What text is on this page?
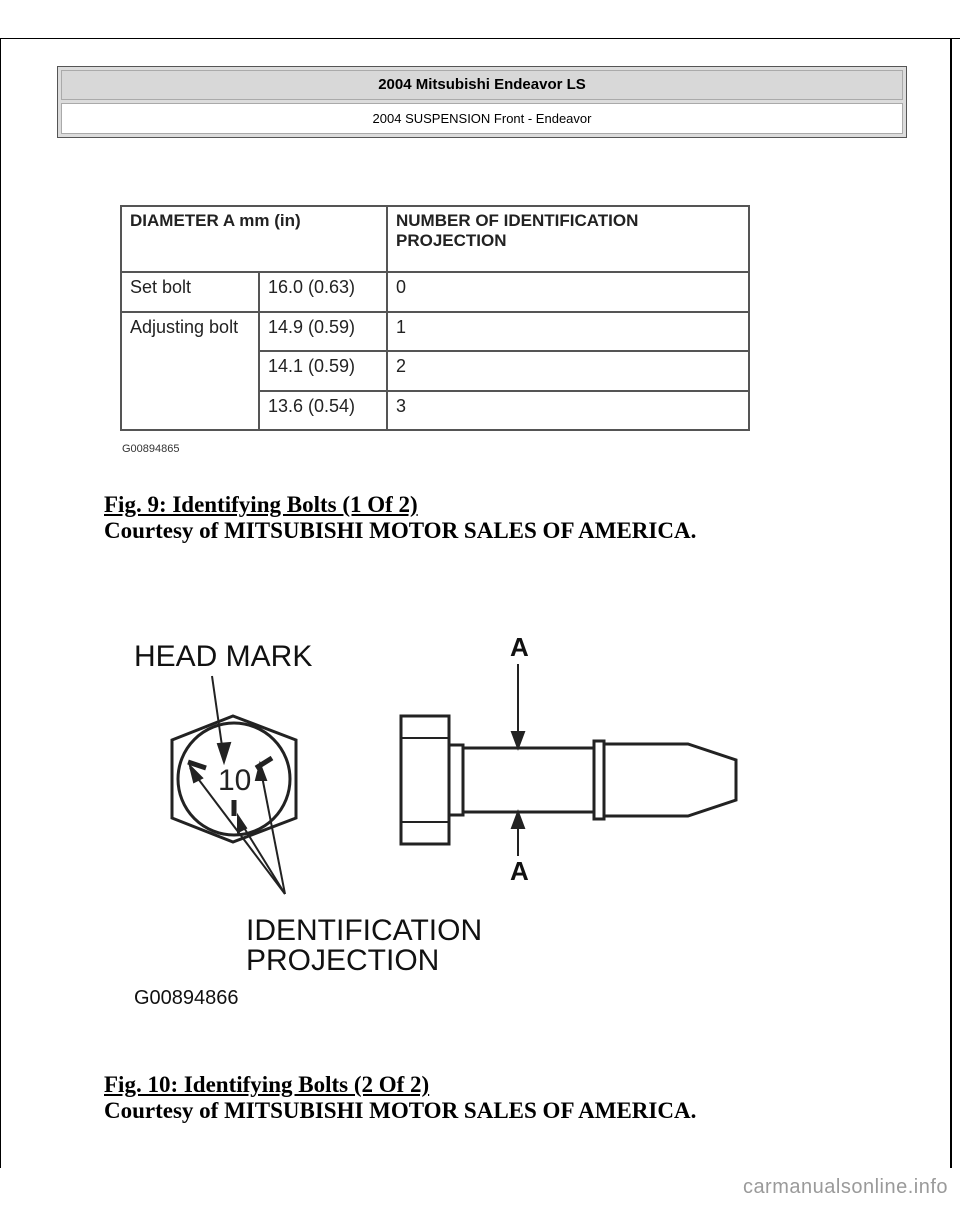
2004 Mitsubishi Endeavor LS
2004 SUSPENSION Front - Endeavor
DIAMETER A mm (in)		NUMBER OF IDENTIFICATION PROJECTION
Set bolt	16.0 (0.63)	0
Adjusting bolt	14.9 (0.59)	1
	14.1 (0.59)	2
	13.6 (0.54)	3
G00894865
Fig. 9: Identifying Bolts (1 Of 2)
Courtesy of MITSUBISHI MOTOR SALES OF AMERICA.
HEAD MARK
IDENTIFICATION
PROJECTION
A
A
G00894866
10
Fig. 10: Identifying Bolts (2 Of 2)
Courtesy of MITSUBISHI MOTOR SALES OF AMERICA.
carmanualsonline.info
